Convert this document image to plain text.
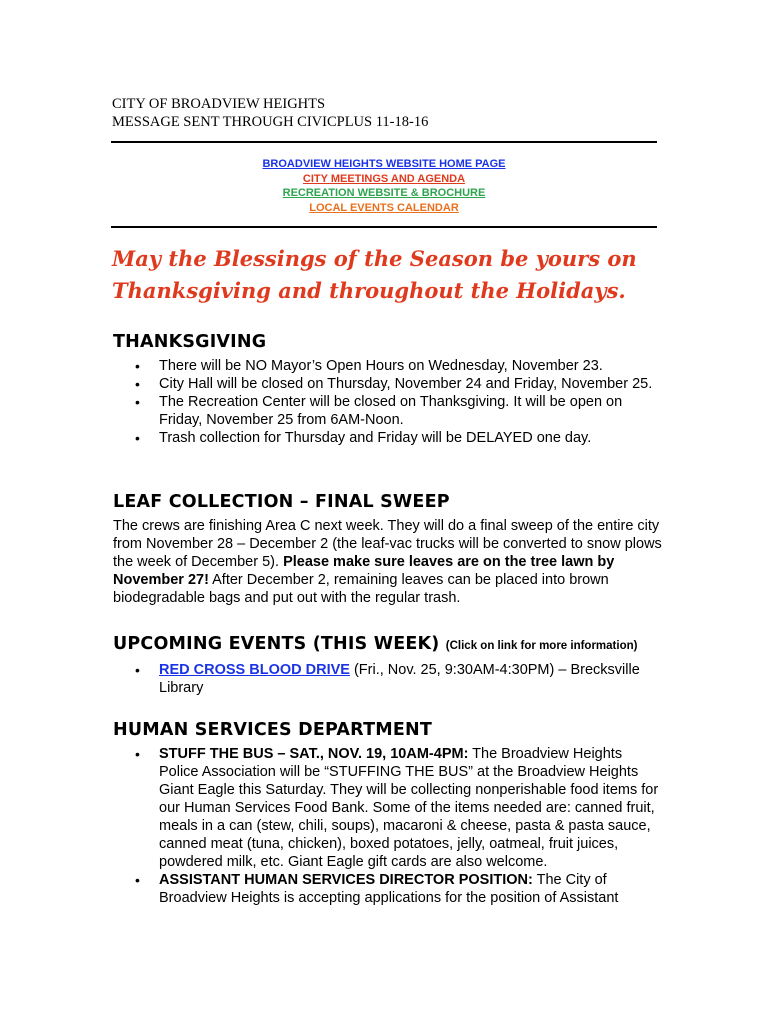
CITY OF BROADVIEW HEIGHTS
MESSAGE SENT THROUGH CIVICPLUS 11-18-16
BROADVIEW HEIGHTS WEBSITE HOME PAGE
CITY MEETINGS AND AGENDA
RECREATION WEBSITE & BROCHURE
LOCAL EVENTS CALENDAR
May the Blessings of the Season be yours on Thanksgiving and throughout the Holidays.
THANKSGIVING
• There will be NO Mayor’s Open Hours on Wednesday, November 23.
• City Hall will be closed on Thursday, November 24 and Friday, November 25.
• The Recreation Center will be closed on Thanksgiving. It will be open on Friday, November 25 from 6AM-Noon.
• Trash collection for Thursday and Friday will be DELAYED one day.
LEAF COLLECTION – FINAL SWEEP

The crews are finishing Area C next week. They will do a final sweep of the entire city from November 28 – December 2 (the leaf-vac trucks will be converted to snow plows the week of December 5). Please make sure leaves are on the tree lawn by November 27! After December 2, remaining leaves can be placed into brown biodegradable bags and put out with the regular trash.

UPCOMING EVENTS (THIS WEEK) (Click on link for more information)
• RED CROSS BLOOD DRIVE (Fri., Nov. 25, 9:30AM-4:30PM) – Brecksville Library
HUMAN SERVICES DEPARTMENT
• STUFF THE BUS – SAT., NOV. 19, 10AM-4PM: The Broadview Heights Police Association will be “STUFFING THE BUS” at the Broadview Heights Giant Eagle this Saturday. They will be collecting nonperishable food items for our Human Services Food Bank. Some of the items needed are: canned fruit, meals in a can (stew, chili, soups), macaroni & cheese, pasta & pasta sauce, canned meat (tuna, chicken), boxed potatoes, jelly, oatmeal, fruit juices, powdered milk, etc. Giant Eagle gift cards are also welcome.
• ASSISTANT HUMAN SERVICES DIRECTOR POSITION: The City of Broadview Heights is accepting applications for the position of Assistant
